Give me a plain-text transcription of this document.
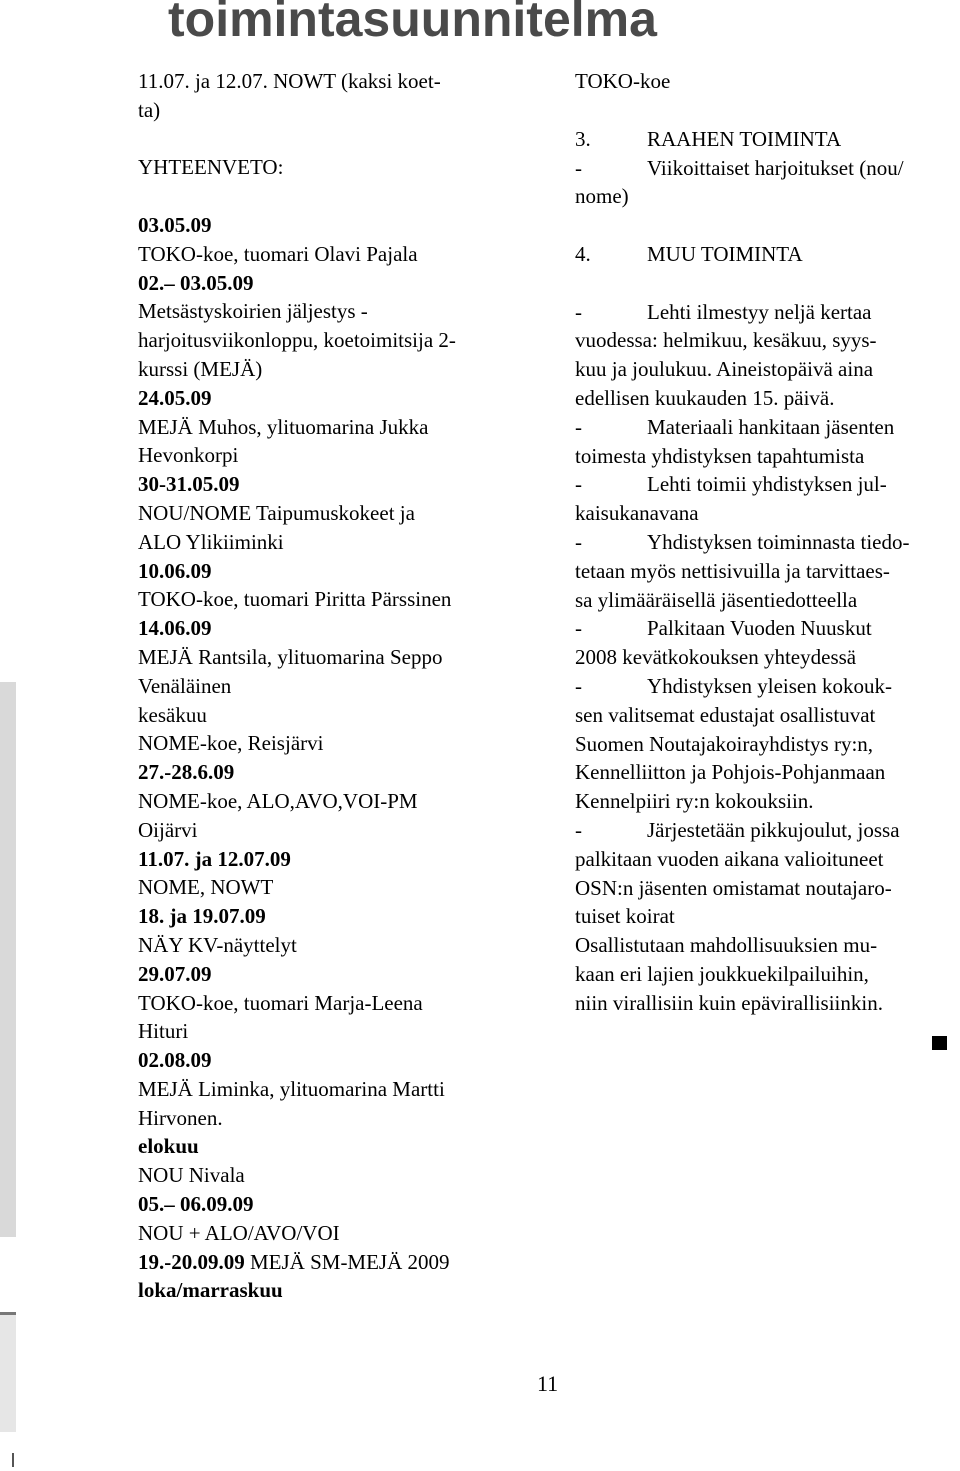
toimintasuunnitelma
11.07. ja 12.07. NOWT (kaksi koet-
ta)
YHTEENVETO:
03.05.09
TOKO-koe, tuomari Olavi Pajala
02.– 03.05.09
Metsästyskoirien jäljestys -
harjoitusviikonloppu, koetoimitsija 2-
kurssi (MEJÄ)
24.05.09
MEJÄ Muhos, ylituomarina Jukka
Hevonkorpi
30-31.05.09
NOU/NOME Taipumuskokeet ja
ALO Ylikiiminki
10.06.09
TOKO-koe, tuomari Piritta Pärssinen
14.06.09
MEJÄ Rantsila, ylituomarina Seppo
Venäläinen
kesäkuu
NOME-koe, Reisjärvi
27.-28.6.09
NOME-koe, ALO,AVO,VOI-PM
Oijärvi
11.07. ja 12.07.09
NOME, NOWT
18. ja 19.07.09
NÄY KV-näyttelyt
29.07.09
TOKO-koe, tuomari Marja-Leena
Hituri
02.08.09
MEJÄ Liminka, ylituomarina Martti
Hirvonen.
elokuu
NOU Nivala
05.– 06.09.09
NOU + ALO/AVO/VOI
19.-20.09.09 MEJÄ SM-MEJÄ 2009
loka/marraskuu
TOKO-koe
3.	RAAHEN TOIMINTA
-	Viikoittaiset harjoitukset (nou/
nome)
4.	MUU TOIMINTA
-	Lehti ilmestyy neljä kertaa
vuodessa: helmikuu, kesäkuu, syys-
kuu ja joulukuu. Aineistopäivä aina
edellisen kuukauden 15. päivä.
-	Materiaali hankitaan jäsenten
toimesta yhdistyksen tapahtumista
-	Lehti toimii yhdistyksen jul-
kaisukanavana
-	Yhdistyksen toiminnasta tiedo-
tetaan myös nettisivuilla ja tarvittaes-
sa ylimääräisellä jäsentiedotteella
-	Palkitaan Vuoden Nuuskut
2008 kevätkokouksen yhteydessä
-	Yhdistyksen yleisen kokouk-
sen valitsemat edustajat osallistuvat
Suomen Noutajakoirayhdistys ry:n,
Kennelliitton ja Pohjois-Pohjanmaan
Kennelpiiri ry:n kokouksiin.
-	Järjestetään pikkujoulut, jossa
palkitaan vuoden aikana valioituneet
OSN:n jäsenten omistamat noutajaro-
tuiset koirat
Osallistutaan mahdollisuuksien mu-
kaan eri lajien joukkuekilpailuihin,
niin virallisiin kuin epävirallisiinkin.
11
